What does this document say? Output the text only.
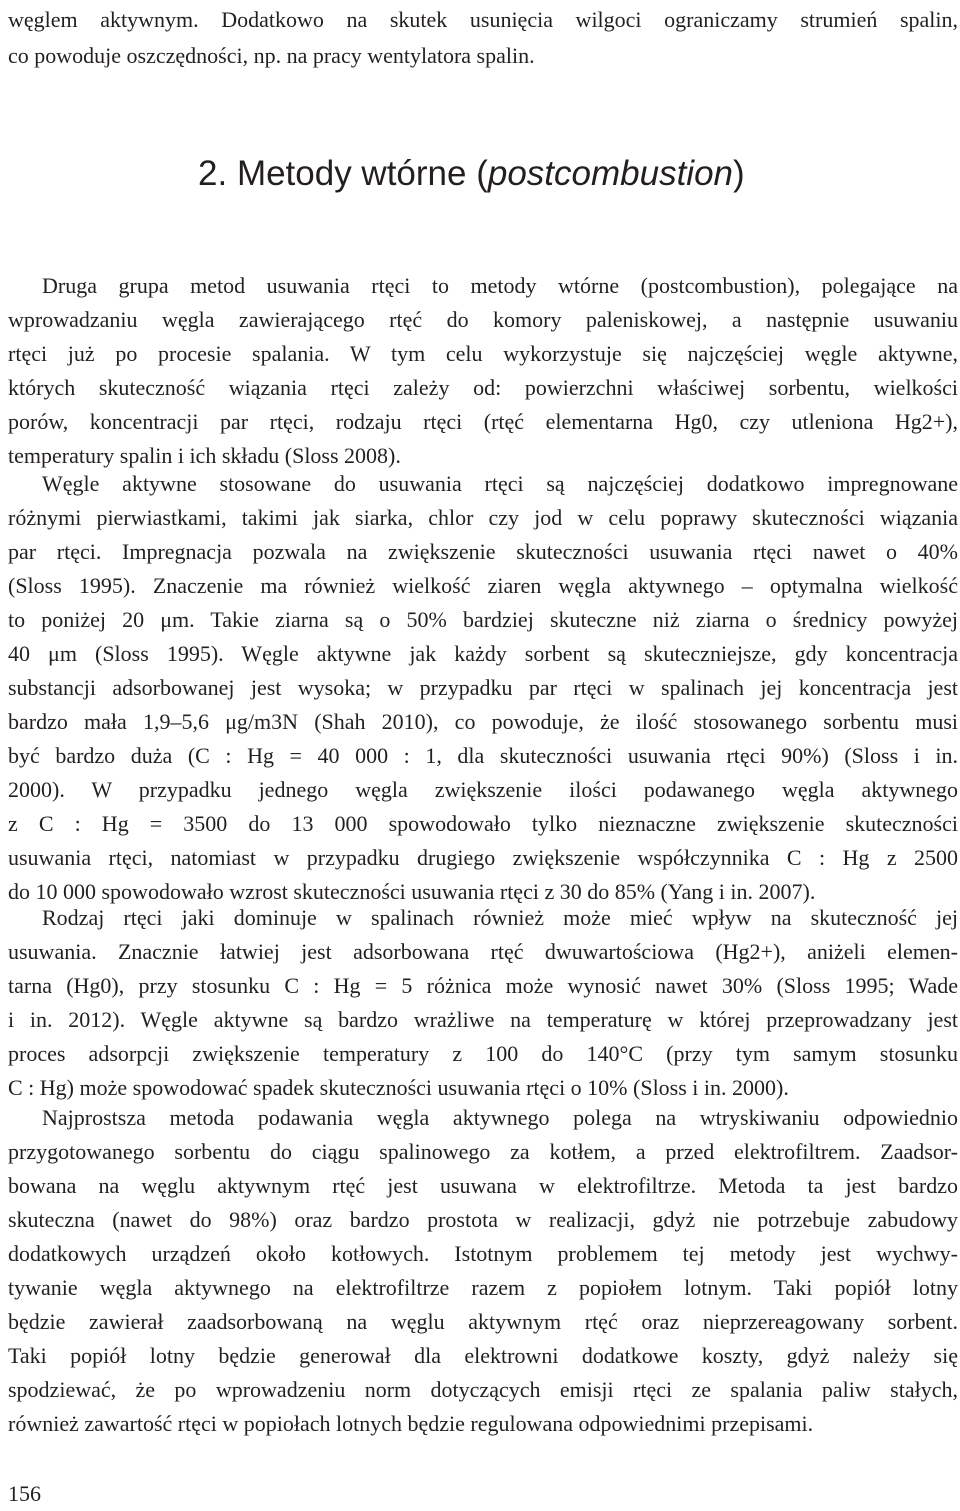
węglem aktywnym. Dodatkowo na skutek usunięcia wilgoci ograniczamy strumień spalin,
co powoduje oszczędności, np. na pracy wentylatora spalin.
2. Metody wtórne (postcombustion)
Druga grupa metod usuwania rtęci to metody wtórne (postcombustion), polegające na
wprowadzaniu węgla zawierającego rtęć do komory paleniskowej, a następnie usuwaniu
rtęci już po procesie spalania. W tym celu wykorzystuje się najczęściej węgle aktywne,
których skuteczność wiązania rtęci zależy od: powierzchni właściwej sorbentu, wielkości
porów, koncentracji par rtęci, rodzaju rtęci (rtęć elementarna Hg0, czy utleniona Hg2+),
temperatury spalin i ich składu (Sloss 2008).
Węgle aktywne stosowane do usuwania rtęci są najczęściej dodatkowo impregnowane
różnymi pierwiastkami, takimi jak siarka, chlor czy jod w celu poprawy skuteczności wiązania
par rtęci. Impregnacja pozwala na zwiększenie skuteczności usuwania rtęci nawet o 40%
(Sloss 1995). Znaczenie ma również wielkość ziaren węgla aktywnego – optymalna wielkość
to poniżej 20 μm. Takie ziarna są o 50% bardziej skuteczne niż ziarna o średnicy powyżej
40 μm (Sloss 1995). Węgle aktywne jak każdy sorbent są skuteczniejsze, gdy koncentracja
substancji adsorbowanej jest wysoka; w przypadku par rtęci w spalinach jej koncentracja jest
bardzo mała 1,9–5,6 μg/m3N (Shah 2010), co powoduje, że ilość stosowanego sorbentu musi
być bardzo duża (C : Hg = 40 000 : 1, dla skuteczności usuwania rtęci 90%) (Sloss i in.
2000). W przypadku jednego węgla zwiększenie ilości podawanego węgla aktywnego
z C : Hg = 3500 do 13 000 spowodowało tylko nieznaczne zwiększenie skuteczności
usuwania rtęci, natomiast w przypadku drugiego zwiększenie współczynnika C : Hg z 2500
do 10 000 spowodowało wzrost skuteczności usuwania rtęci z 30 do 85% (Yang i in. 2007).
Rodzaj rtęci jaki dominuje w spalinach również może mieć wpływ na skuteczność jej
usuwania. Znacznie łatwiej jest adsorbowana rtęć dwuwartościowa (Hg2+), aniżeli elemen-
tarna (Hg0), przy stosunku C : Hg = 5 różnica może wynosić nawet 30% (Sloss 1995; Wade
i in. 2012). Węgle aktywne są bardzo wrażliwe na temperaturę w której przeprowadzany jest
proces adsorpcji zwiększenie temperatury z 100 do 140°C (przy tym samym stosunku
C : Hg) może spowodować spadek skuteczności usuwania rtęci o 10% (Sloss i in. 2000).
Najprostsza metoda podawania węgla aktywnego polega na wtryskiwaniu odpowiednio
przygotowanego sorbentu do ciągu spalinowego za kotłem, a przed elektrofiltrem. Zaadsor-
bowana na węglu aktywnym rtęć jest usuwana w elektrofiltrze. Metoda ta jest bardzo
skuteczna (nawet do 98%) oraz bardzo prostota w realizacji, gdyż nie potrzebuje zabudowy
dodatkowych urządzeń około kotłowych. Istotnym problemem tej metody jest wychwy-
tywanie węgla aktywnego na elektrofiltrze razem z popiołem lotnym. Taki popiół lotny
będzie zawierał zaadsorbowaną na węglu aktywnym rtęć oraz nieprzereagowany sorbent.
Taki popiół lotny będzie generował dla elektrowni dodatkowe koszty, gdyż należy się
spodziewać, że po wprowadzeniu norm dotyczących emisji rtęci ze spalania paliw stałych,
również zawartość rtęci w popiołach lotnych będzie regulowana odpowiednimi przepisami.
156
